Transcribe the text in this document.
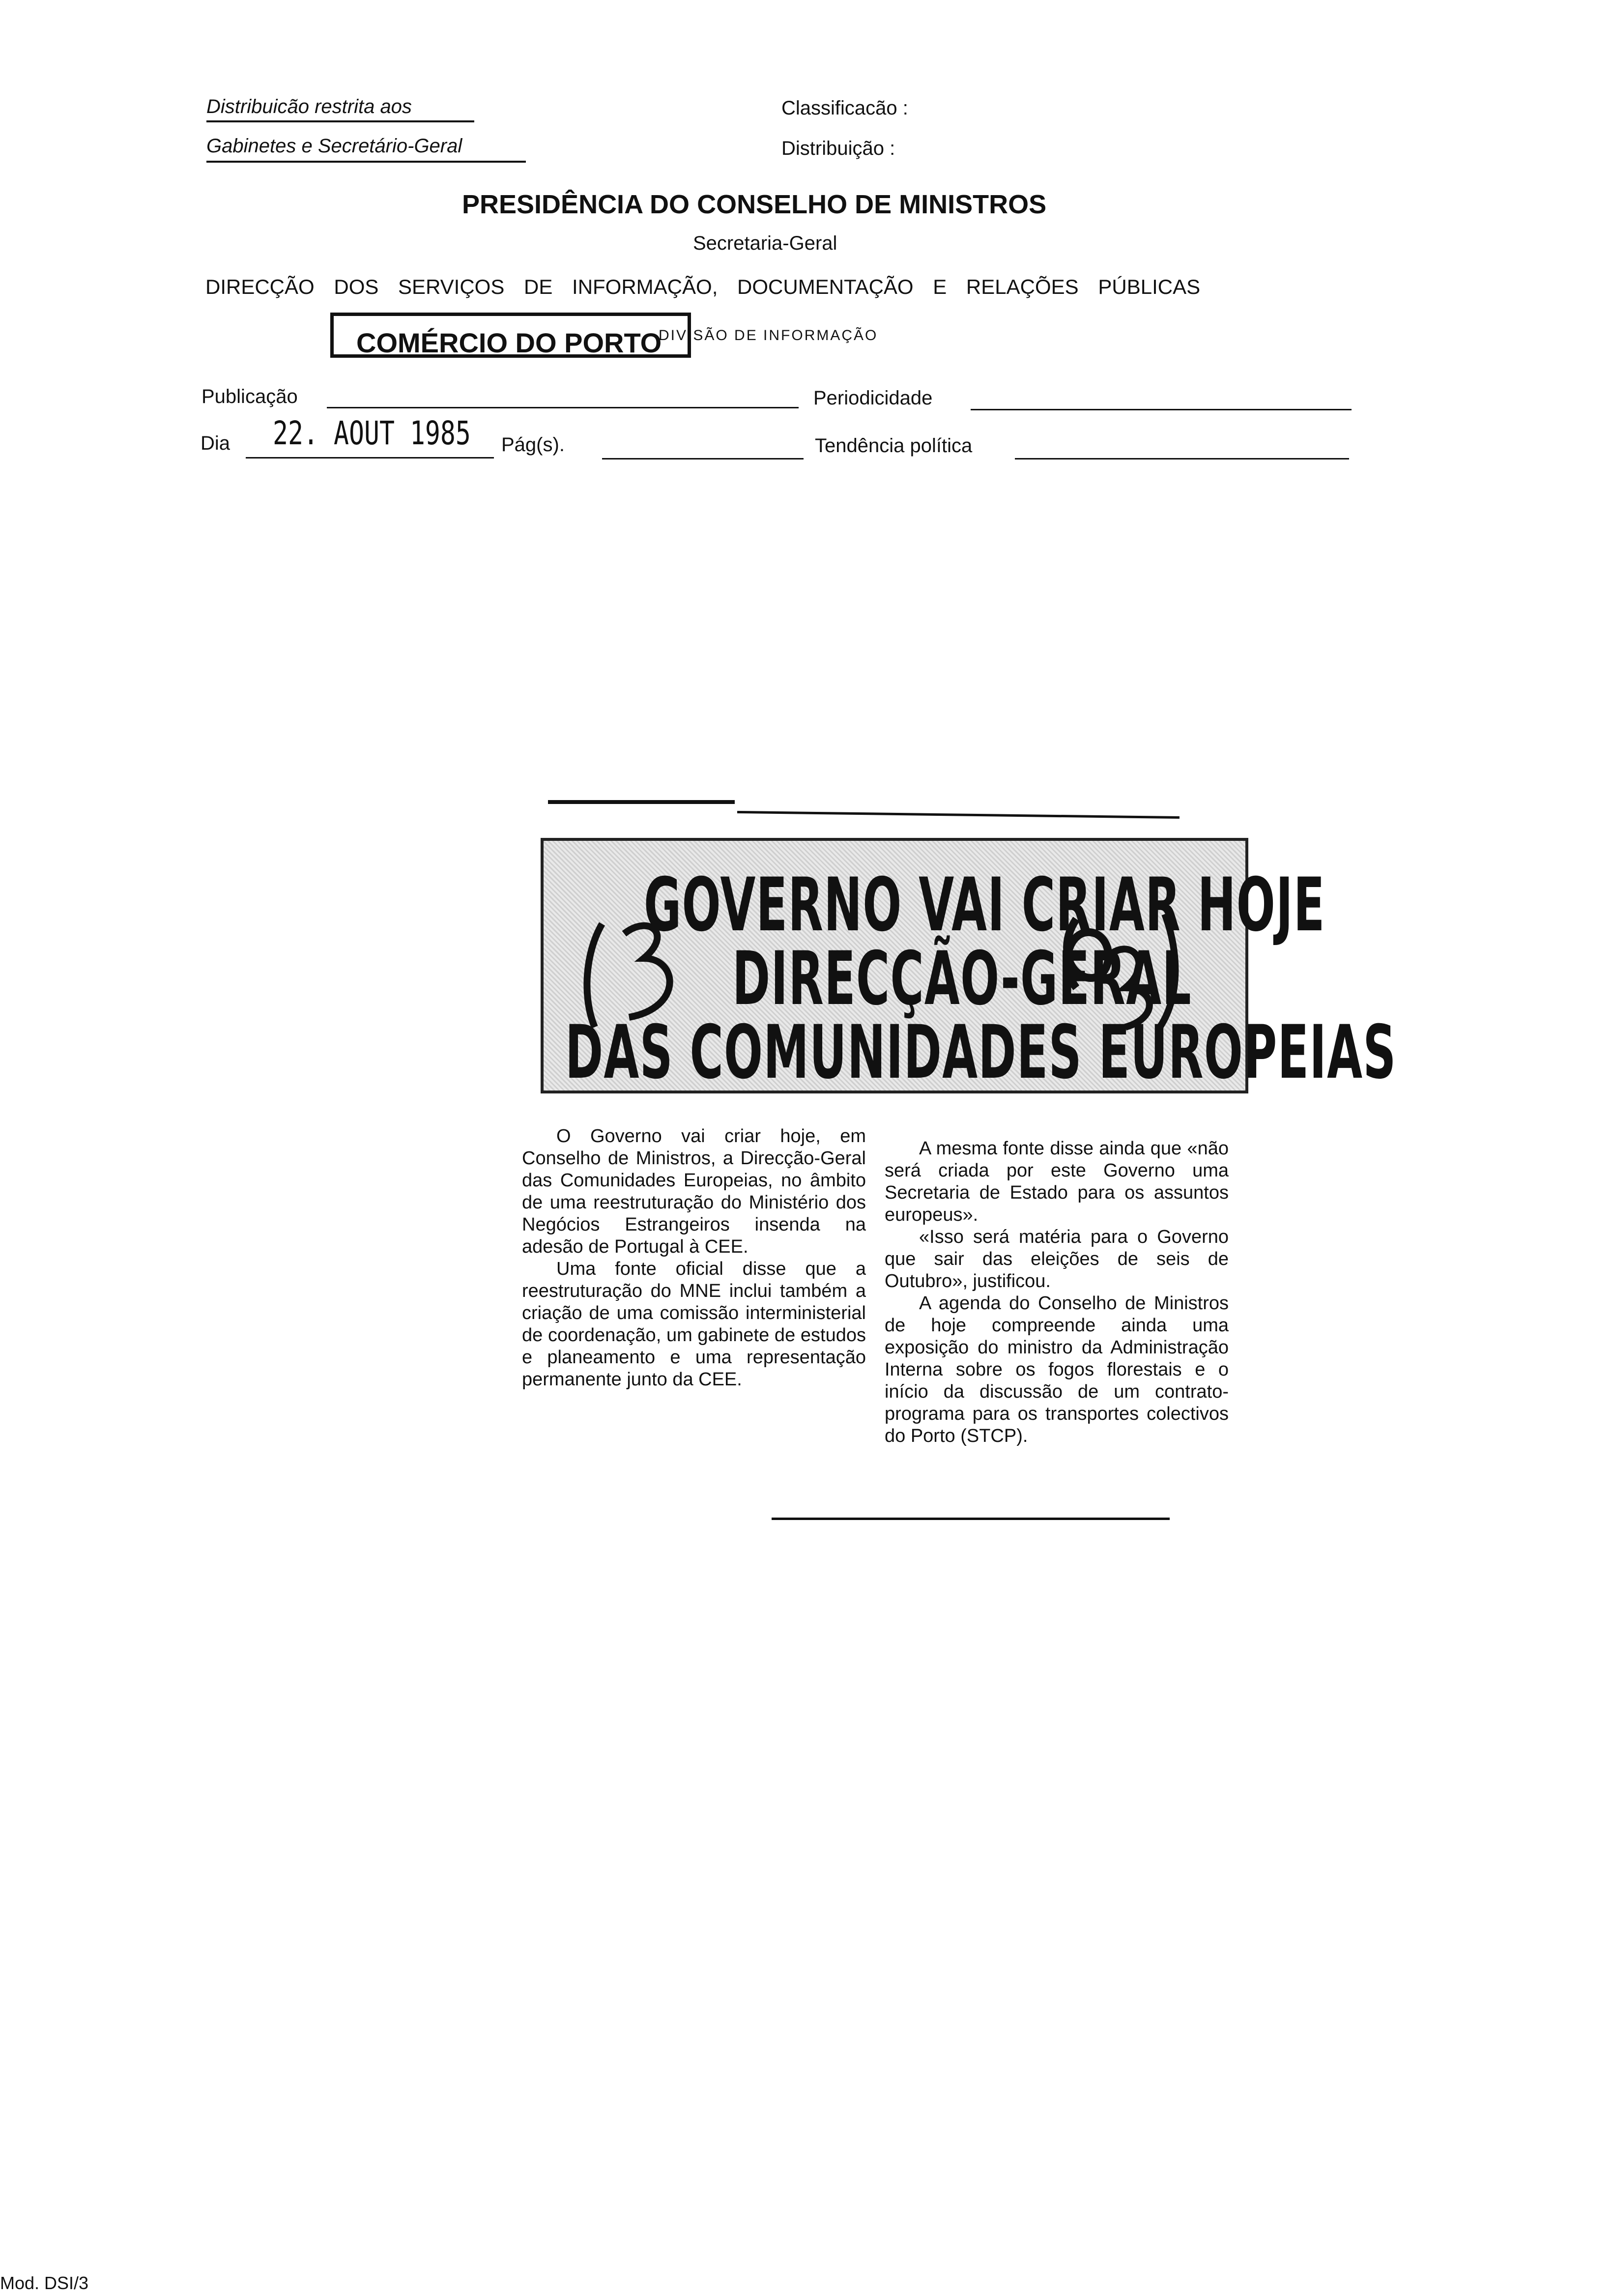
Distribuicão restrita aos
Gabinetes e Secretário-Geral
Classificacão :
Distribuição :
PRESIDÊNCIA DO CONSELHO DE MINISTROS
Secretaria-Geral
DIRECÇÃO DOS SERVIÇOS DE INFORMAÇÃO, DOCUMENTAÇÃO E RELAÇÕES PÚBLICAS
COMÉRCIO DO PORTO
DIVISÃO DE INFORMAÇÃO
Publicação	Periodicidade
Dia 22. AOUT 1985 Pág(s).	Tendência política
GOVERNO VAI CRIAR HOJE
DIRECÇÃO-GERAL
DAS COMUNIDADES EUROPEIAS

O Governo vai criar hoje, em Conselho de Ministros, a Direcção-Geral das Comunidades Europeias, no âmbito de uma reestruturação do Ministério dos Negócios Estrangeiros insenda na adesão de Portugal à CEE.

Uma fonte oficial disse que a reestruturação do MNE inclui também a criação de uma comissão interministerial de coordenação, um gabinete de estudos e planeamento e uma representação permanente junto da CEE.

A mesma fonte disse ainda que «não será criada por este Governo uma Secretaria de Estado para os assuntos europeus».

«Isso será matéria para o Governo que sair das eleições de seis de Outubro», justificou.

A agenda do Conselho de Ministros de hoje compreende ainda uma exposição do ministro da Administração Interna sobre os fogos florestais e o início da discussão de um contrato-programa para os transportes colectivos do Porto (STCP).

Mod. DSI/3
